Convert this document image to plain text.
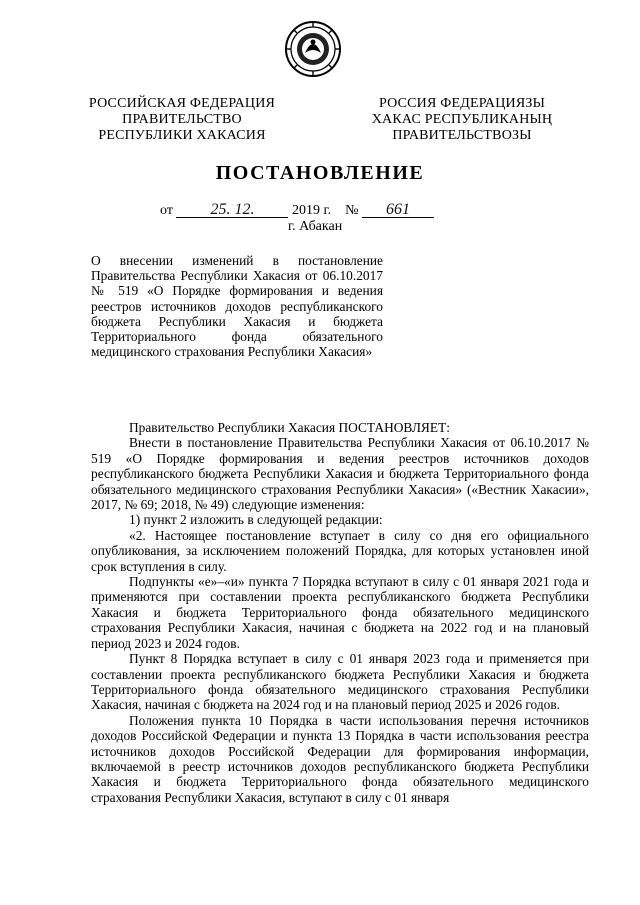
РОССИЙСКАЯ ФЕДЕРАЦИЯ
ПРАВИТЕЛЬСТВО
РЕСПУБЛИКИ ХАКАСИЯ
РОССИЯ ФЕДЕРАЦИЯЗЫ
ХАКАС РЕСПУБЛИКАНЫҢ
ПРАВИТЕЛЬСТВОЗЫ
ПОСТАНОВЛЕНИЕ
от 25. 12.	2019 г. № 661
г. Абакан
О внесении изменений в постановление Правительства Республики Хакасия от 06.10.2017 № 519 «О Порядке формирования и ведения реестров источников доходов республиканского бюджета Республики Хакасия и бюджета Территориального фонда обязательного медицинского страхования Республики Хакасия»

Правительство Республики Хакасия ПОСТАНОВЛЯЕТ:

Внести в постановление Правительства Республики Хакасия от 06.10.2017 № 519 «О Порядке формирования и ведения реестров источников доходов республиканского бюджета Республики Хакасия и бюджета Территориального фонда обязательного медицинского страхования Республики Хакасия» («Вестник Хакасии», 2017, № 69; 2018, № 49) следующие изменения:

1) пункт 2 изложить в следующей редакции:

«2. Настоящее постановление вступает в силу со дня его официального опубликования, за исключением положений Порядка, для которых установлен иной срок вступления в силу.

Подпункты «е»–«и» пункта 7 Порядка вступают в силу с 01 января 2021 года и применяются при составлении проекта республиканского бюджета Республики Хакасия и бюджета Территориального фонда обязательного медицинского страхования Республики Хакасия, начиная с бюджета на 2022 год и на плановый период 2023 и 2024 годов.

Пункт 8 Порядка вступает в силу с 01 января 2023 года и применяется при составлении проекта республиканского бюджета Республики Хакасия и бюджета Территориального фонда обязательного медицинского страхования Республики Хакасия, начиная с бюджета на 2024 год и на плановый период 2025 и 2026 годов.

Положения пункта 10 Порядка в части использования перечня источников доходов Российской Федерации и пункта 13 Порядка в части использования реестра источников доходов Российской Федерации для формирования информации, включаемой в реестр источников доходов республиканского бюджета Республики Хакасия и бюджета Территориального фонда обязательного медицинского страхования Республики Хакасия, вступают в силу с 01 января
